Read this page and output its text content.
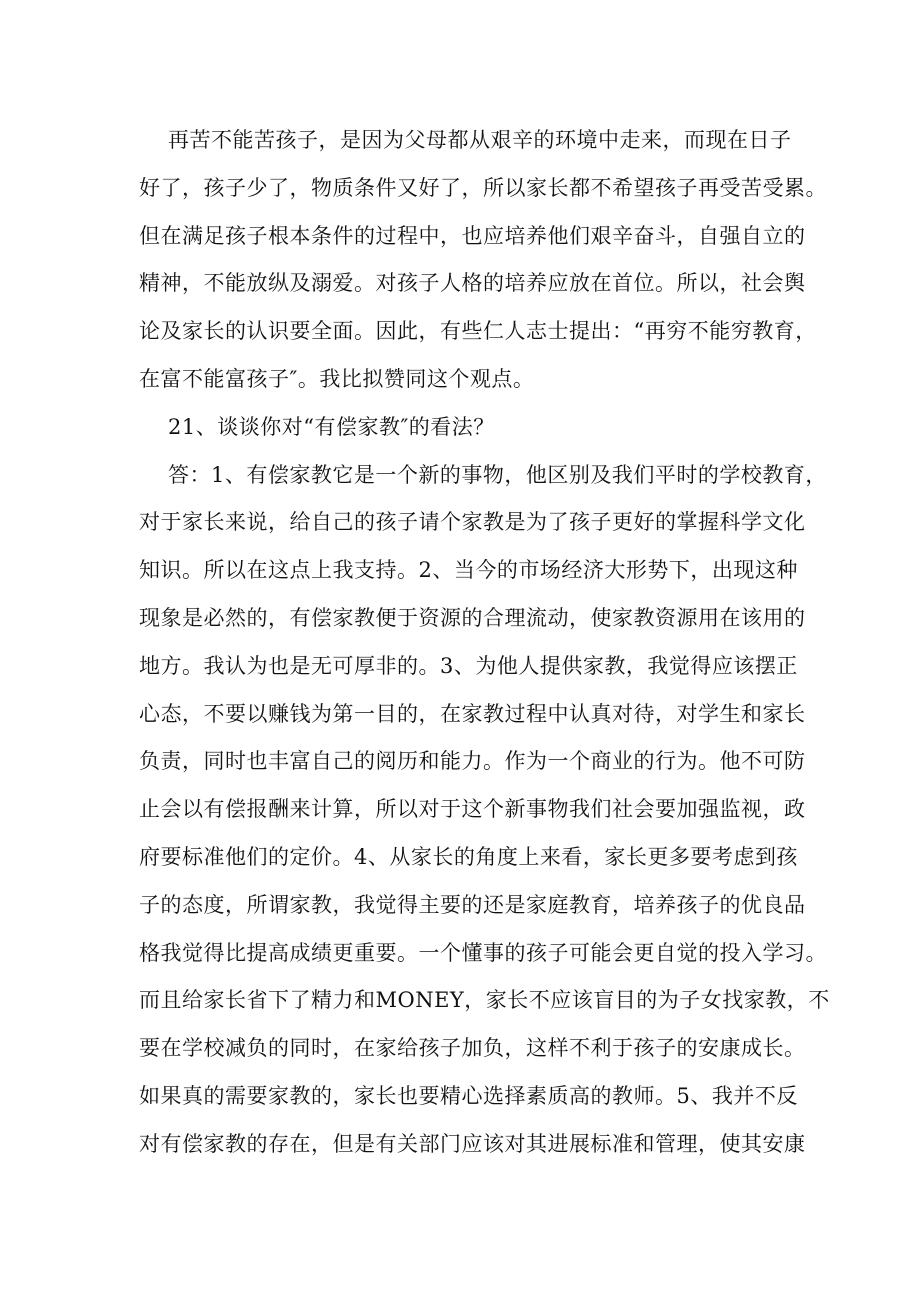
再苦不能苦孩子，是因为父母都从艰辛的环境中走来，而现在日子
好了，孩子少了，物质条件又好了，所以家长都不希望孩子再受苦受累。
但在满足孩子根本条件的过程中，也应培养他们艰辛奋斗，自强自立的
精神，不能放纵及溺爱。对孩子人格的培养应放在首位。所以，社会舆
论及家长的认识要全面。因此，有些仁人志士提出：“再穷不能穷教育，
在富不能富孩子″。我比拟赞同这个观点。
21、谈谈你对“有偿家教″的看法？
答：1、有偿家教它是一个新的事物，他区别及我们平时的学校教育，
对于家长来说，给自己的孩子请个家教是为了孩子更好的掌握科学文化
知识。所以在这点上我支持。2、当今的市场经济大形势下，出现这种
现象是必然的，有偿家教便于资源的合理流动，使家教资源用在该用的
地方。我认为也是无可厚非的。3、为他人提供家教，我觉得应该摆正
心态，不要以赚钱为第一目的，在家教过程中认真对待，对学生和家长
负责，同时也丰富自己的阅历和能力。作为一个商业的行为。他不可防
止会以有偿报酬来计算，所以对于这个新事物我们社会要加强监视，政
府要标准他们的定价。4、从家长的角度上来看，家长更多要考虑到孩
子的态度，所谓家教，我觉得主要的还是家庭教育，培养孩子的优良品
格我觉得比提高成绩更重要。一个懂事的孩子可能会更自觉的投入学习。
而且给家长省下了精力和MONEY，家长不应该盲目的为子女找家教，不
要在学校减负的同时，在家给孩子加负，这样不利于孩子的安康成长。
如果真的需要家教的，家长也要精心选择素质高的教师。5、我并不反
对有偿家教的存在，但是有关部门应该对其进展标准和管理，使其安康
